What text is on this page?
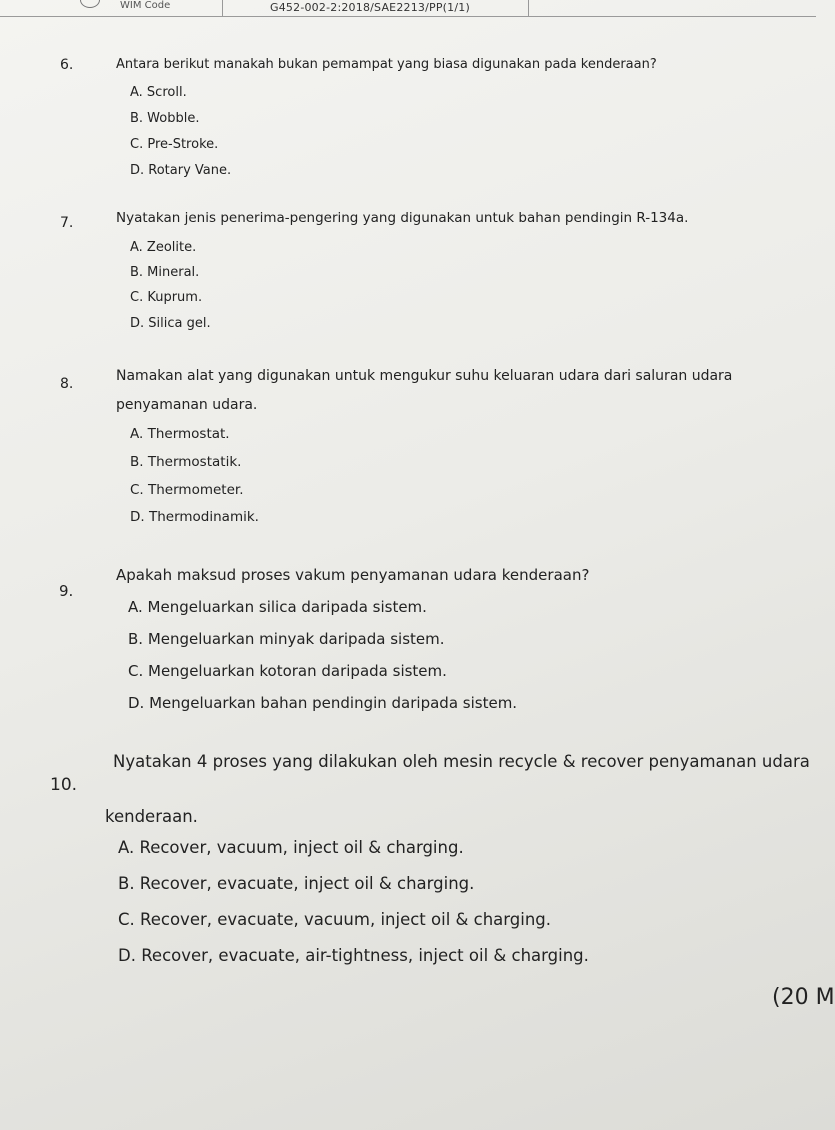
WIM Code	G452-002-2:2018/SAE2213/PP(1/1)
6.	Antara berikut manakah bukan pemampat yang biasa digunakan pada kenderaan?
A. Scroll.
B. Wobble.
C. Pre-Stroke.
D. Rotary Vane.
7.	Nyatakan jenis penerima-pengering yang digunakan untuk bahan pendingin R-134a.
A. Zeolite.
B. Mineral.
C. Kuprum.
D. Silica gel.
8.	Namakan alat yang digunakan untuk mengukur suhu keluaran udara dari saluran udara
penyamanan udara.
A. Thermostat.
B. Thermostatik.
C. Thermometer.
D. Thermodinamik.
9.
Apakah maksud proses vakum penyamanan udara kenderaan?
A. Mengeluarkan silica daripada sistem.
B. Mengeluarkan minyak daripada sistem.
C. Mengeluarkan kotoran daripada sistem.
D. Mengeluarkan bahan pendingin daripada sistem.
10.
Nyatakan 4 proses yang dilakukan oleh mesin recycle & recover penyamanan udara
kenderaan.
A. Recover, vacuum, inject oil & charging.
B. Recover, evacuate, inject oil & charging.
C. Recover, evacuate, vacuum, inject oil & charging.
D. Recover, evacuate, air-tightness, inject oil & charging.
(20 M
